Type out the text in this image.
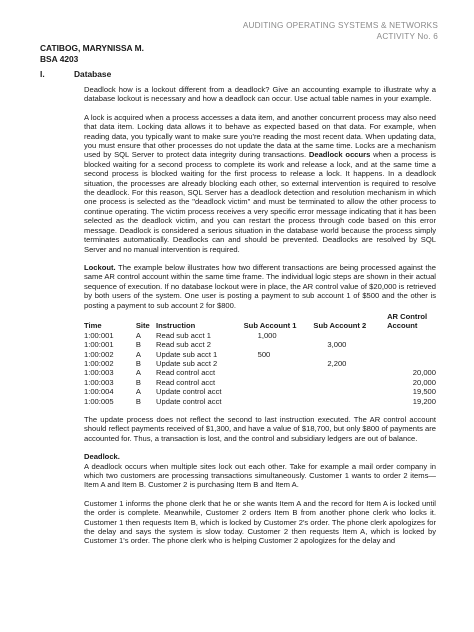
AUDITING OPERATING SYSTEMS & NETWORKS
ACTIVITY No. 6
CATIBOG, MARYNISSA M.
BSA 4203
I.	Database

Deadlock how is a lockout different from a deadlock? Give an accounting example to illustrate why a database lockout is necessary and how a deadlock can occur. Use actual table names in your example.

A lock is acquired when a process accesses a data item, and another concurrent process may also need that data item. Locking data allows it to behave as expected based on that data. For example, when reading data, you typically want to make sure you're reading the most recent data. When updating data, you must ensure that other processes do not update the data at the same time. Locks are a mechanism used by SQL Server to protect data integrity during transactions. Deadlock occurs when a process is blocked waiting for a second process to complete its work and release a lock, and at the same time a second process is blocked waiting for the first process to release a lock. It happens. In a deadlock situation, the processes are already blocking each other, so external intervention is required to resolve the deadlock. For this reason, SQL Server has a deadlock detection and resolution mechanism in which one process is selected as the "deadlock victim" and must be terminated to allow the other process to continue operating. The victim process receives a very specific error message indicating that it has been selected as the deadlock victim, and you can restart the process through code based on this error message. Deadlock is considered a serious situation in the database world because the process simply terminates automatically. Deadlocks can and should be prevented. Deadlocks are resolved by SQL Server and no manual intervention is required.

Lockout. The example below illustrates how two different transactions are being processed against the same AR control account within the same time frame. The individual logic steps are shown in their actual sequence of execution. If no database lockout were in place, the AR control value of $20,000 is retrieved by both users of the system. One user is posting a payment to sub account 1 of $500 and the other is posting a payment to sub account 2 for $800.

Time	Site	Instruction	Sub Account 1	Sub Account 2	AR Control Account
1:00:001	A	Read sub acct 1	1,000		
1:00:001	B	Read sub acct 2		3,000	
1:00:002	A	Update sub acct 1	500		
1:00:002	B	Update sub acct 2		2,200	
1:00:003	A	Read control acct			20,000
1:00:003	B	Read control acct			20,000
1:00:004	A	Update control acct			19,500
1:00:005	B	Update control acct			19,200

The update process does not reflect the second to last instruction executed. The AR control account should reflect payments received of $1,300, and have a value of $18,700, but only $800 of payments are accounted for. Thus, a transaction is lost, and the control and subsidiary ledgers are out of balance.

Deadlock.

A deadlock occurs when multiple sites lock out each other. Take for example a mail order company in which two customers are processing transactions simultaneously. Customer 1 wants to order 2 items—Item A and Item B. Customer 2 is purchasing Item B and Item A.

Customer 1 informs the phone clerk that he or she wants Item A and the record for Item A is locked until the order is complete. Meanwhile, Customer 2 orders Item B from another phone clerk who locks it. Customer 1 then requests Item B, which is locked by Customer 2's order. The phone clerk apologizes for the delay and says the system is slow today. Customer 2 then requests Item A, which is locked by Customer 1's order. The phone clerk who is helping Customer 2 apologizes for the delay and
